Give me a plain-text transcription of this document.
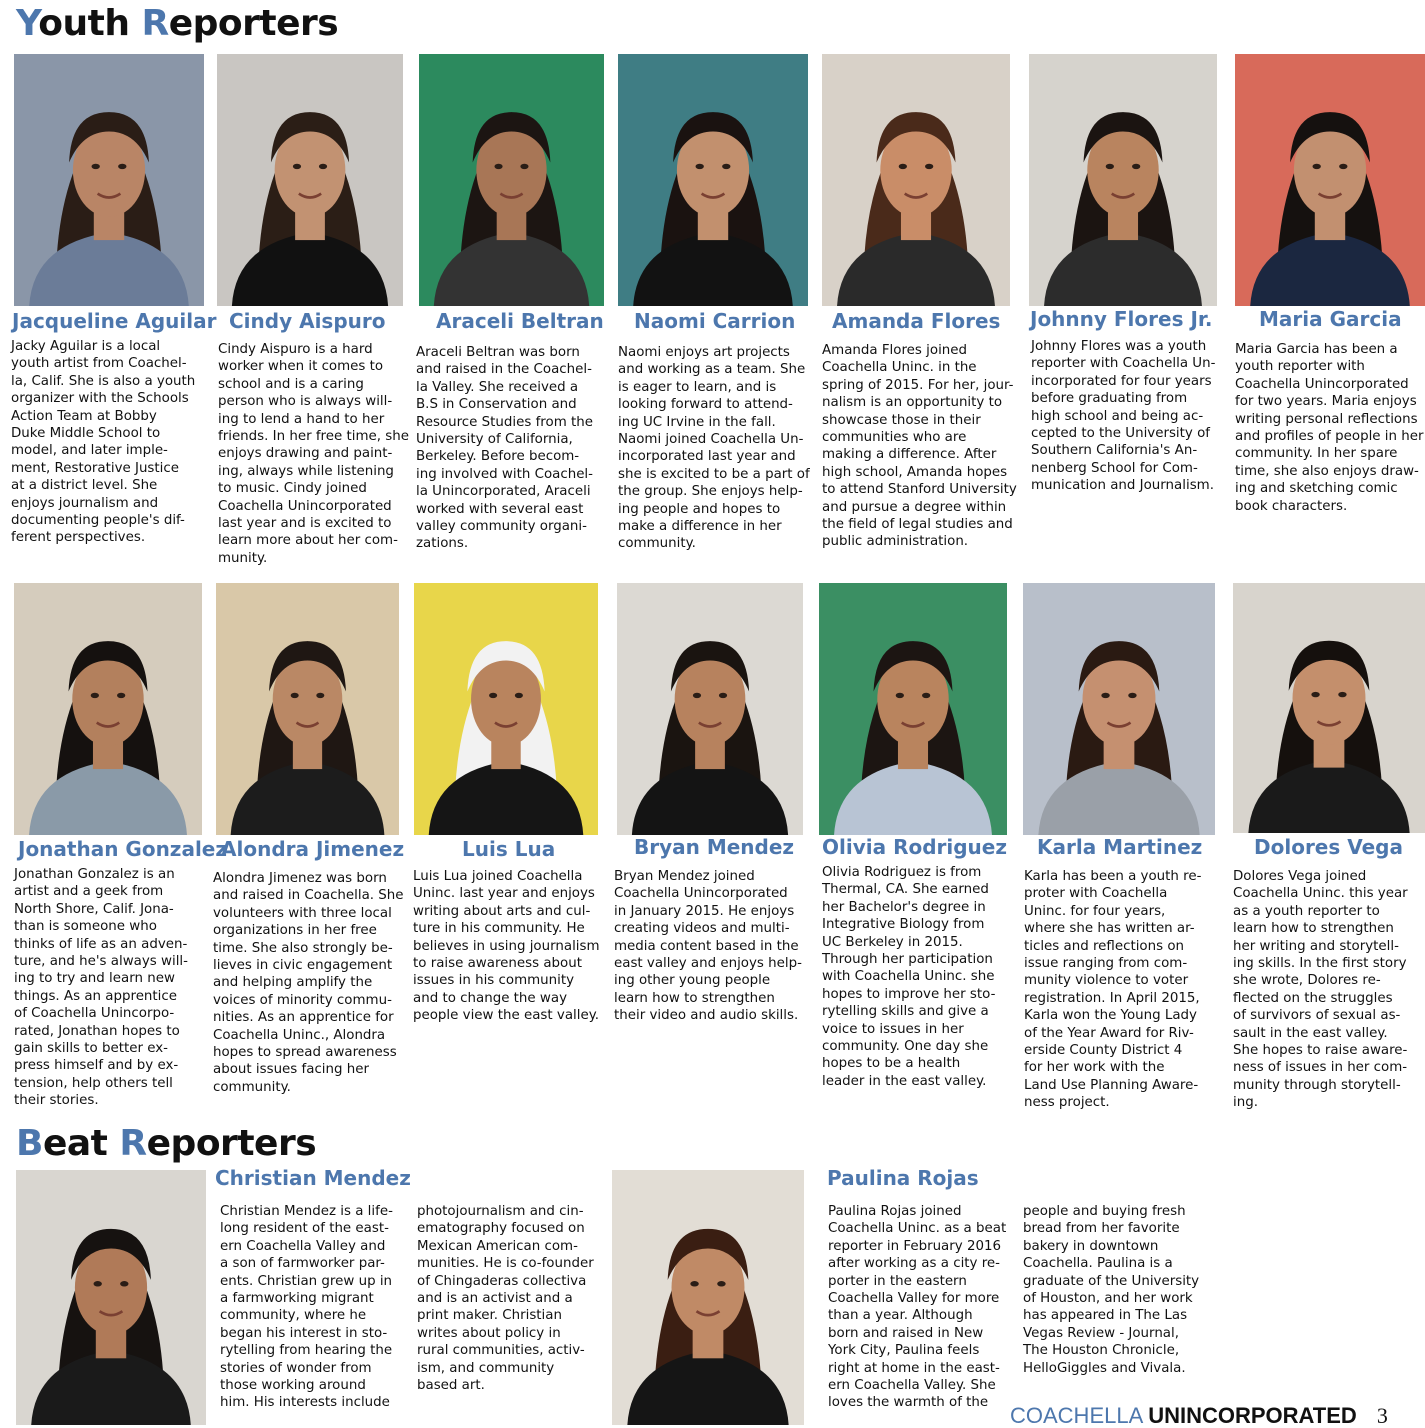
Youth Reporters
Jacqueline Aguilar
Jacky Aguilar is a local
youth artist from Coachel-
la, Calif. She is also a youth
organizer with the Schools
Action Team at Bobby
Duke Middle School to
model, and later imple-
ment, Restorative Justice
at a district level. She
enjoys journalism and
documenting people's dif-
ferent perspectives.
Cindy Aispuro
Cindy Aispuro is a hard
worker when it comes to
school and is a caring
person who is always will-
ing to lend a hand to her
friends. In her free time, she
enjoys drawing and paint-
ing, always while listening
to music. Cindy joined
Coachella Unincorporated
last year and is excited to
learn more about her com-
munity.
Araceli Beltran
Araceli Beltran was born
and raised in the Coachel-
la Valley. She received a
B.S in Conservation and
Resource Studies from the
University of California,
Berkeley. Before becom-
ing involved with Coachel-
la Unincorporated, Araceli
worked with several east
valley community organi-
zations.
Naomi Carrion
Naomi enjoys art projects
and working as a team. She
is eager to learn, and is
looking forward to attend-
ing UC Irvine in the fall.
Naomi joined Coachella Un-
incorporated last year and
she is excited to be a part of
the group. She enjoys help-
ing people and hopes to
make a difference in her
community.
Amanda Flores
Amanda Flores joined
Coachella Uninc. in the
spring of 2015. For her, jour-
nalism is an opportunity to
showcase those in their
communities who are
making a difference. After
high school, Amanda hopes
to attend Stanford University
and pursue a degree within
the field of legal studies and
public administration.
Johnny Flores Jr.
Johnny Flores was a youth
reporter with Coachella Un-
incorporated for four years
before graduating from
high school and being ac-
cepted to the University of
Southern California's An-
nenberg School for Com-
munication and Journalism.
Maria Garcia
Maria Garcia has been a
youth reporter with
Coachella Unincorporated
for two years. Maria enjoys
writing personal reflections
and profiles of people in her
community. In her spare
time, she also enjoys draw-
ing and sketching comic
book characters.
Jonathan Gonzalez
Jonathan Gonzalez is an
artist and a geek from
North Shore, Calif. Jona-
than is someone who
thinks of life as an adven-
ture, and he's always will-
ing to try and learn new
things. As an apprentice
of Coachella Unincorpo-
rated, Jonathan hopes to
gain skills to better ex-
press himself and by ex-
tension, help others tell
their stories.
Alondra Jimenez
Alondra Jimenez was born
and raised in Coachella. She
volunteers with three local
organizations in her free
time. She also strongly be-
lieves in civic engagement
and helping amplify the
voices of minority commu-
nities. As an apprentice for
Coachella Uninc., Alondra
hopes to spread awareness
about issues facing her
community.
Luis Lua
Luis Lua joined Coachella
Uninc. last year and enjoys
writing about arts and cul-
ture in his community. He
believes in using journalism
to raise awareness about
issues in his community
and to change the way
people view the east valley.
Bryan Mendez
Bryan Mendez joined
Coachella Unincorporated
in January 2015. He enjoys
creating videos and multi-
media content based in the
east valley and enjoys help-
ing other young people
learn how to strengthen
their video and audio skills.
Olivia Rodriguez
Olivia Rodriguez is from
Thermal, CA. She earned
her Bachelor's degree in
Integrative Biology from
UC Berkeley in 2015.
Through her participation
with Coachella Uninc. she
hopes to improve her sto-
rytelling skills and give a
voice to issues in her
community. One day she
hopes to be a health
leader in the east valley.
Karla Martinez
Karla has been a youth re-
proter with Coachella
Uninc. for four years,
where she has written ar-
ticles and reflections on
issue ranging from com-
munity violence to voter
registration. In April 2015,
Karla won the Young Lady
of the Year Award for Riv-
erside County District 4
for her work with the
Land Use Planning Aware-
ness project.
Dolores Vega
Dolores Vega joined
Coachella Uninc. this year
as a youth reporter to
learn how to strengthen
her writing and storytell-
ing skills. In the first story
she wrote, Dolores re-
flected on the struggles
of survivors of sexual as-
sault in the east valley.
She hopes to raise aware-
ness of issues in her com-
munity through storytell-
ing.
Beat Reporters
Christian Mendez
Christian Mendez is a life-
long resident of the east-
ern Coachella Valley and
a son of farmworker par-
ents. Christian grew up in
a farmworking migrant
community, where he
began his interest in sto-
rytelling from hearing the
stories of wonder from
those working around
him. His interests include
photojournalism and cin-
ematography focused on
Mexican American com-
munities. He is co-founder
of Chingaderas collectiva
and is an activist and a
print maker. Christian
writes about policy in
rural communities, activ-
ism, and community
based art.
Paulina Rojas
Paulina Rojas joined
Coachella Uninc. as a beat
reporter in February 2016
after working as a city re-
porter in the eastern
Coachella Valley for more
than a year. Although
born and raised in New
York City, Paulina feels
right at home in the east-
ern Coachella Valley. She
loves the warmth of the
people and buying fresh
bread from her favorite
bakery in downtown
Coachella. Paulina is a
graduate of the University
of Houston, and her work
has appeared in The Las
Vegas Review - Journal,
The Houston Chronicle,
HelloGiggles and Vivala.
COACHELLA UNINCORPORATED 3
